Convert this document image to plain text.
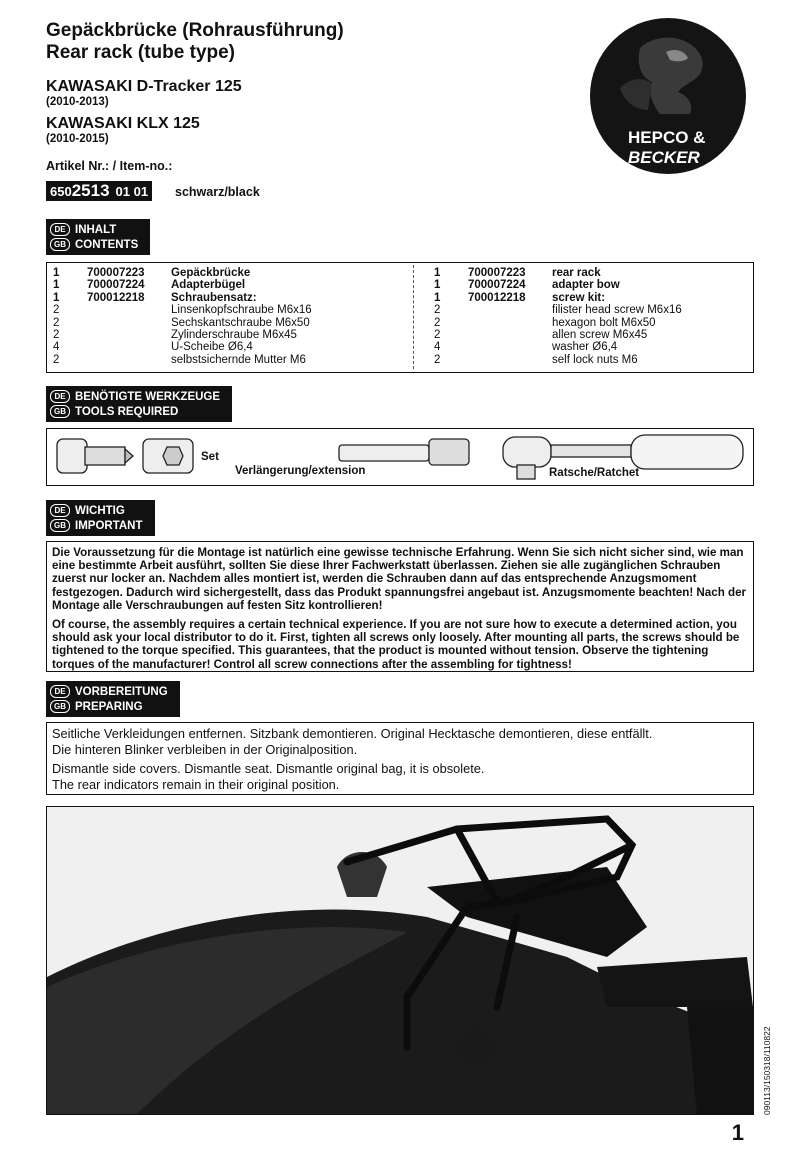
Gepäckbrücke (Rohrausführung)
Rear rack (tube type)
KAWASAKI D-Tracker 125
(2010-2013)
KAWASAKI KLX 125
(2010-2015)
Artikel Nr.: / Item-no.:
650 2513 01 01 schwarz/black
HEPCO &
BECKER
DE INHALT
GB CONTENTS
1	700007223	Gepäckbrücke
1	700007224	Adapterbügel
1	700012218	Schraubensatz:
2		Linsenkopfschraube M6x16
2		Sechskantschraube M6x50
2		Zylinderschraube M6x45
4		U-Scheibe Ø6,4
2		selbstsichernde Mutter M6
1	700007223	rear rack
1	700007224	adapter bow
1	700012218	screw kit:
2		filister head screw M6x16
2		hexagon bolt M6x50
2		allen screw M6x45
4		washer Ø6,4
2		self lock nuts M6
DE BENÖTIGTE WERKZEUGE
GB TOOLS REQUIRED
Set
Verlängerung/extension	Ratsche/Ratchet
DE WICHTIG
GB IMPORTANT

Die Voraussetzung für die Montage ist natürlich eine gewisse technische Erfahrung. Wenn Sie sich nicht sicher sind, wie man eine bestimmte Arbeit ausführt, sollten Sie diese Ihrer Fachwerkstatt überlassen. Ziehen sie alle zugänglichen Schrauben zuerst nur locker an. Nachdem alles montiert ist, werden die Schrauben dann auf das entsprechende Anzugsmoment festgezogen. Dadurch wird sichergestellt, dass das Produkt spannungsfrei angebaut ist. Anzugsmomente beachten! Nach der Montage alle Verschraubungen auf festen Sitz kontrollieren!

Of course, the assembly requires a certain technical experience. If you are not sure how to execute a determined action, you should ask your local distributor to do it. First, tighten all screws only loosely. After mounting all parts, the screws should be tightened to the torque specified. This guarantees, that the product is mounted without tension. Observe the tightening torques of the manufacturer! Control all screw connections after the assembling for tightness!

DE VORBEREITUNG
GB PREPARING

Seitliche Verkleidungen entfernen. Sitzbank demontieren. Original Hecktasche demontieren, diese entfällt.

Die hinteren Blinker verbleiben in der Originalposition.

Dismantle side covers. Dismantle seat. Dismantle original bag, it is obsolete.

The rear indicators remain in their original position.

090113/150318/110822
1
